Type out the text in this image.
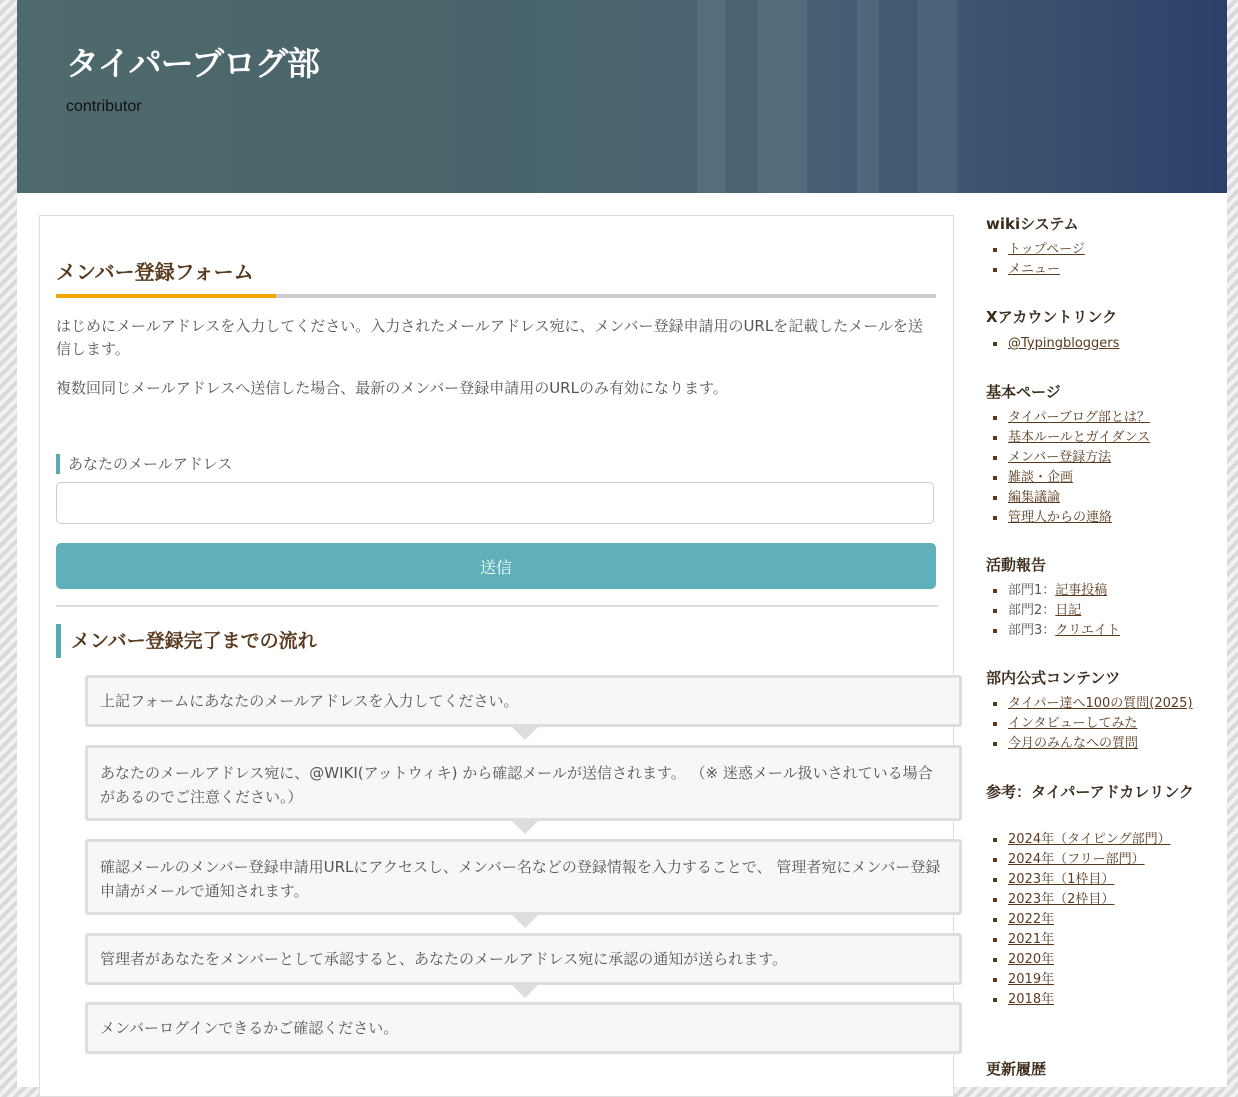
タイパーブログ部
contributor
メンバー登録フォーム

はじめにメールアドレスを入力してください。入力されたメールアドレス宛に、メンバー登録申請用のURLを記載したメールを送信します。

複数回同じメールアドレスへ送信した場合、最新のメンバー登録申請用のURLのみ有効になります。

あなたのメールアドレス
送信
メンバー登録完了までの流れ
上記フォームにあなたのメールアドレスを入力してください。
あなたのメールアドレス宛に、@WIKI(アットウィキ) から確認メールが送信されます。 （※ 迷惑メール扱いされている場合があるのでご注意ください。）
確認メールのメンバー登録申請用URLにアクセスし、メンバー名などの登録情報を入力することで、 管理者宛にメンバー登録申請がメールで通知されます。
管理者があなたをメンバーとして承認すると、あなたのメールアドレス宛に承認の通知が送られます。
メンバーログインできるかご確認ください。
wikiシステム
トップページ
メニュー
Xアカウントリンク
@Typingbloggers
基本ページ
タイパーブログ部とは？
基本ルールとガイダンス
メンバー登録方法
雑談・企画
編集議論
管理人からの連絡
活動報告
部門1：記事投稿
部門2：日記
部門3：クリエイト
部内公式コンテンツ
タイパー達へ100の質問(2025)
インタビューしてみた
今月のみんなへの質問
参考：タイパーアドカレリンク
2024年（タイピング部門）
2024年（フリー部門）
2023年（1枠目）
2023年（2枠目）
2022年
2021年
2020年
2019年
2018年
更新履歴
